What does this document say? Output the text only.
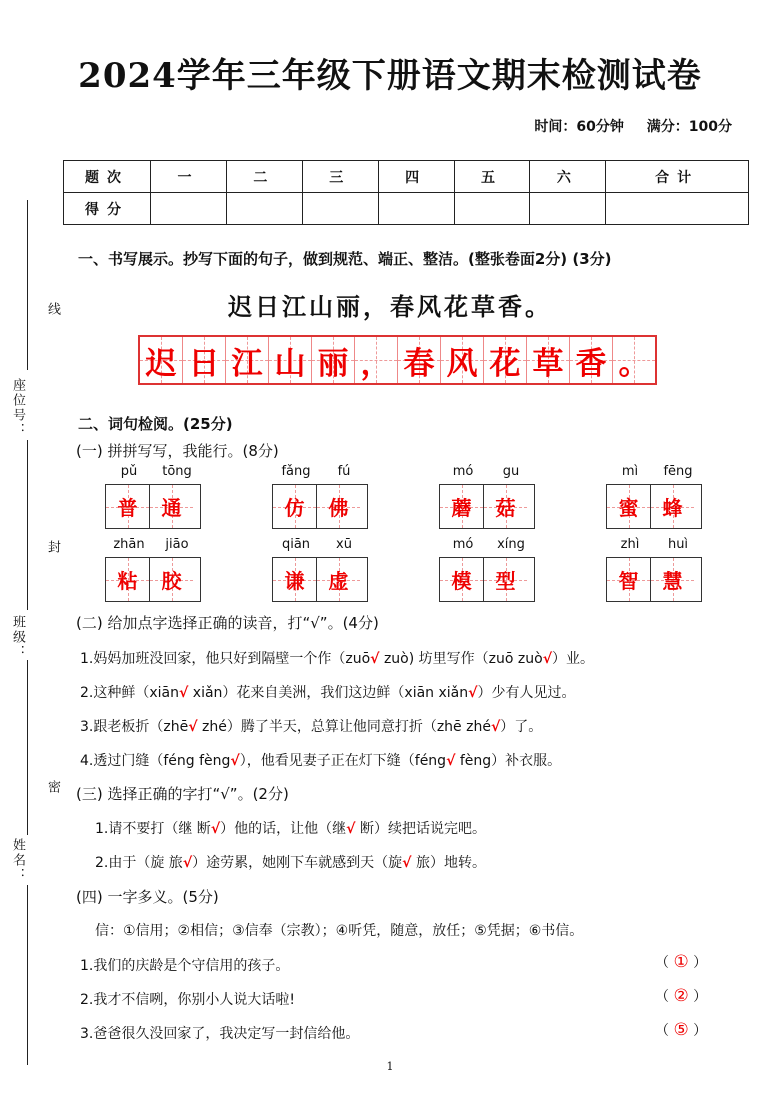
2024学年三年级下册语文期末检测试卷
时间：60分钟 满分：100分
题次	一	二	三	四	五	六	合计
得分							
座位号：
班级：
姓名：
线
封
密
一、书写展示。抄写下面的句子，做到规范、端正、整洁。(整张卷面2分) (3分)
迟日江山丽，春风花草香。
迟 日 江 山 丽 ， 春 风 花 草 香 。
二、词句检阅。(25分)
(一) 拼拼写写，我能行。(8分)
pǔ	tōng
普 通
fǎng	fú
仿 佛
mó	gu
蘑 菇
mì	fēng
蜜 蜂
zhān	jiāo
粘 胶
qiān	xū
谦 虚
mó	xíng
模 型
zhì	huì
智 慧
(二) 给加点字选择正确的读音，打“√”。(4分)
1.妈妈加班没回家，他只好到隔壁一个作（zuō√ zuò) 坊里写作（zuō zuò√）业。
2.这种鲜（xiān√ xiǎn）花来自美洲，我们这边鲜（xiān xiǎn√）少有人见过。
3.跟老板折（zhē√ zhé）腾了半天，总算让他同意打折（zhē zhé√）了。
4.透过门缝（féng fèng√），他看见妻子正在灯下缝（féng√ fèng）补衣服。
(三) 选择正确的字打“√”。(2分)
1.请不要打（继 断√）他的话，让他（继√ 断）续把话说完吧。
2.由于（旋 旅√）途劳累，她刚下车就感到天（旋√ 旅）地转。
(四) 一字多义。(5分)
信：①信用；②相信；③信奉（宗教）；④听凭，随意，放任；⑤凭据；⑥书信。
1.我们的庆龄是个守信用的孩子。	（ ① ）
2.我才不信咧，你别小人说大话啦!	（ ② ）
3.爸爸很久没回家了，我决定写一封信给他。	（ ⑤ ）
1
